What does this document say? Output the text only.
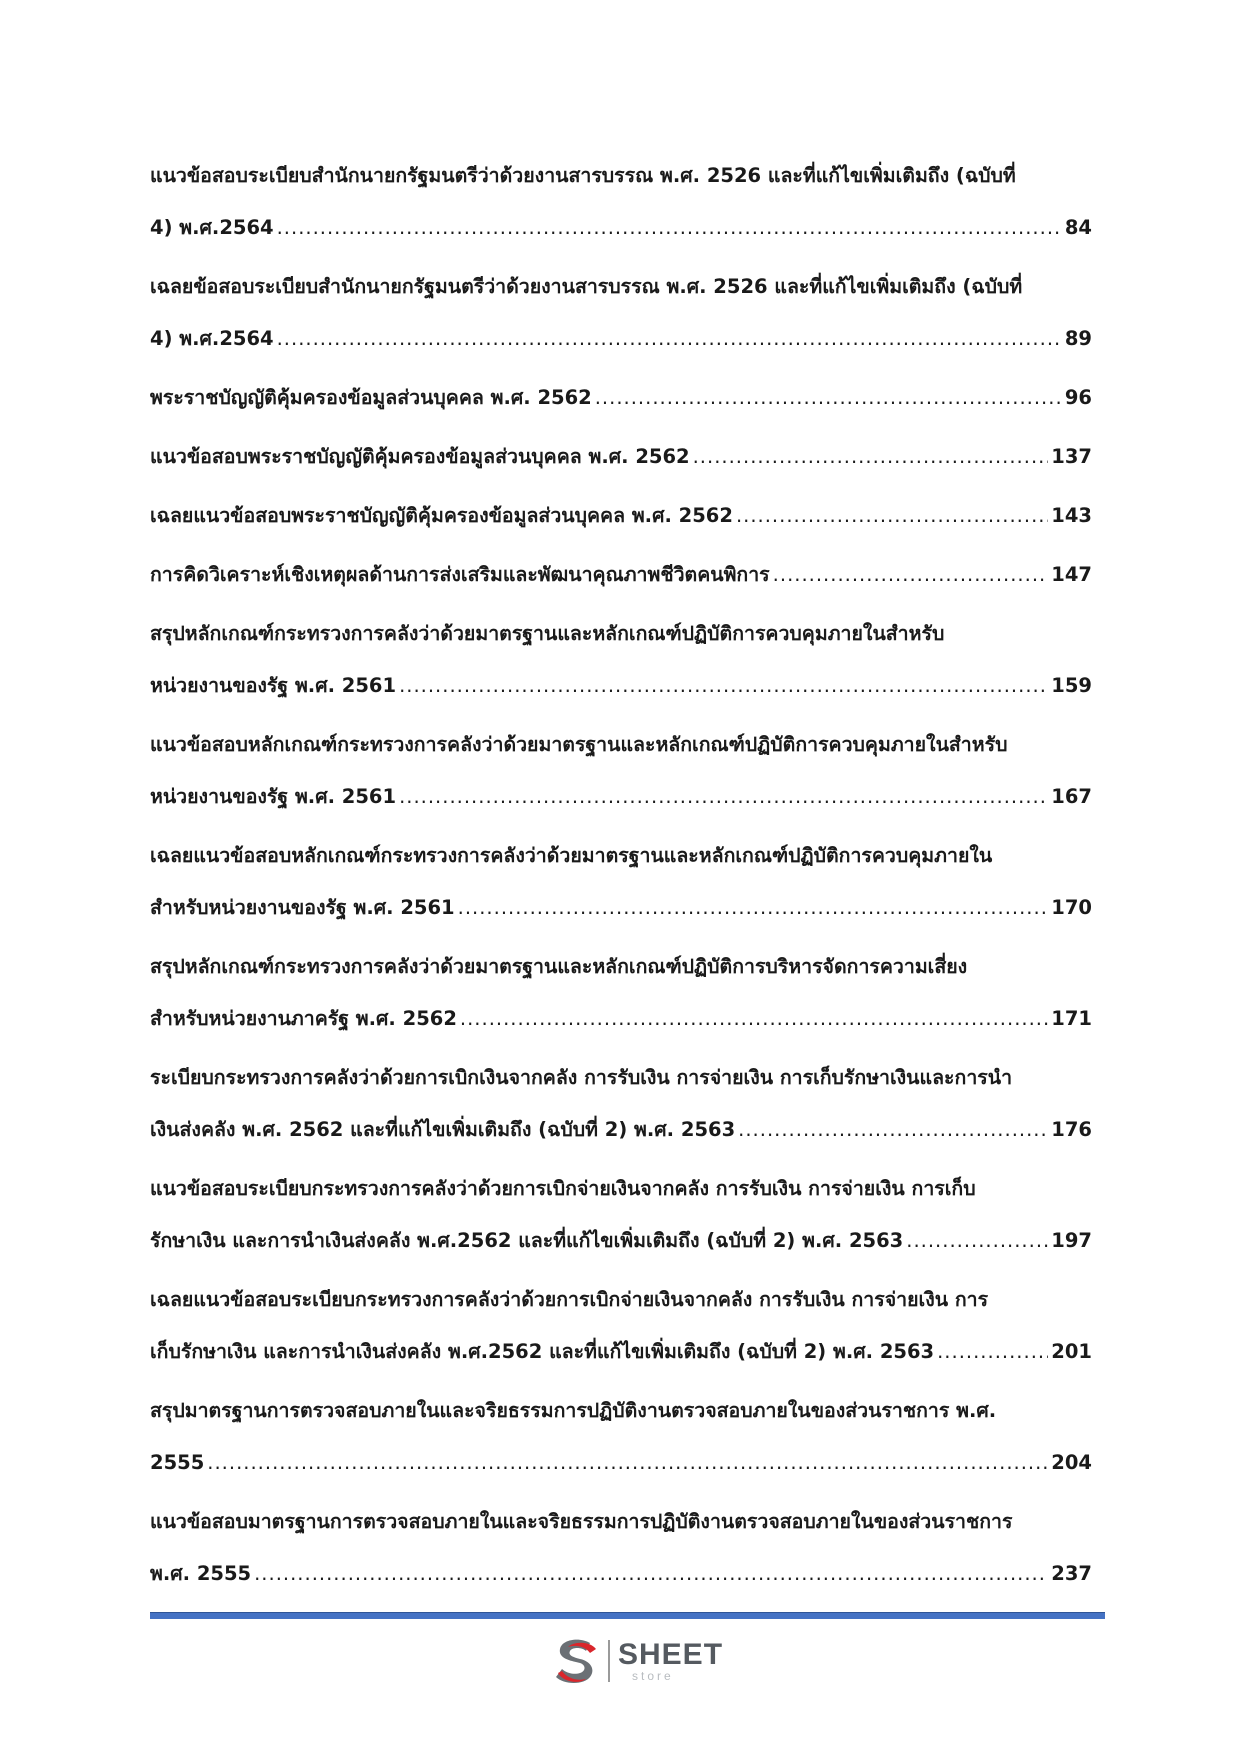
แนวข้อสอบระเบียบสำนักนายกรัฐมนตรีว่าด้วยงานสารบรรณ พ.ศ. 2526 และที่แก้ไขเพิ่มเติมถึง (ฉบับที่
4) พ.ศ.2564 .....	84
เฉลยข้อสอบระเบียบสำนักนายกรัฐมนตรีว่าด้วยงานสารบรรณ พ.ศ. 2526 และที่แก้ไขเพิ่มเติมถึง (ฉบับที่
4) พ.ศ.2564 .....	89
พระราชบัญญัติคุ้มครองข้อมูลส่วนบุคคล พ.ศ. 2562 .....	96
แนวข้อสอบพระราชบัญญัติคุ้มครองข้อมูลส่วนบุคคล พ.ศ. 2562 .....	137
เฉลยแนวข้อสอบพระราชบัญญัติคุ้มครองข้อมูลส่วนบุคคล พ.ศ. 2562 .....	143
การคิดวิเคราะห์เชิงเหตุผลด้านการส่งเสริมและพัฒนาคุณภาพชีวิตคนพิการ .....	147
สรุปหลักเกณฑ์กระทรวงการคลังว่าด้วยมาตรฐานและหลักเกณฑ์ปฏิบัติการควบคุมภายในสำหรับ
หน่วยงานของรัฐ พ.ศ. 2561 .....	159
แนวข้อสอบหลักเกณฑ์กระทรวงการคลังว่าด้วยมาตรฐานและหลักเกณฑ์ปฏิบัติการควบคุมภายในสำหรับ
หน่วยงานของรัฐ พ.ศ. 2561 .....	167
เฉลยแนวข้อสอบหลักเกณฑ์กระทรวงการคลังว่าด้วยมาตรฐานและหลักเกณฑ์ปฏิบัติการควบคุมภายใน
สำหรับหน่วยงานของรัฐ พ.ศ. 2561 .....	170
สรุปหลักเกณฑ์กระทรวงการคลังว่าด้วยมาตรฐานและหลักเกณฑ์ปฏิบัติการบริหารจัดการความเสี่ยง
สำหรับหน่วยงานภาครัฐ พ.ศ. 2562 .....	171
ระเบียบกระทรวงการคลังว่าด้วยการเบิกเงินจากคลัง การรับเงิน การจ่ายเงิน การเก็บรักษาเงินและการนำ
เงินส่งคลัง พ.ศ. 2562 และที่แก้ไขเพิ่มเติมถึง (ฉบับที่ 2) พ.ศ. 2563 .....	176
แนวข้อสอบระเบียบกระทรวงการคลังว่าด้วยการเบิกจ่ายเงินจากคลัง การรับเงิน การจ่ายเงิน การเก็บ
รักษาเงิน และการนำเงินส่งคลัง พ.ศ.2562 และที่แก้ไขเพิ่มเติมถึง (ฉบับที่ 2) พ.ศ. 2563 .....	197
เฉลยแนวข้อสอบระเบียบกระทรวงการคลังว่าด้วยการเบิกจ่ายเงินจากคลัง การรับเงิน การจ่ายเงิน การ
เก็บรักษาเงิน และการนำเงินส่งคลัง พ.ศ.2562 และที่แก้ไขเพิ่มเติมถึง (ฉบับที่ 2) พ.ศ. 2563 .....	201
สรุปมาตรฐานการตรวจสอบภายในและจริยธรรมการปฏิบัติงานตรวจสอบภายในของส่วนราชการ พ.ศ.
2555 .....	204
แนวข้อสอบมาตรฐานการตรวจสอบภายในและจริยธรรมการปฏิบัติงานตรวจสอบภายในของส่วนราชการ
พ.ศ. 2555 .....	237
SHEET
store
